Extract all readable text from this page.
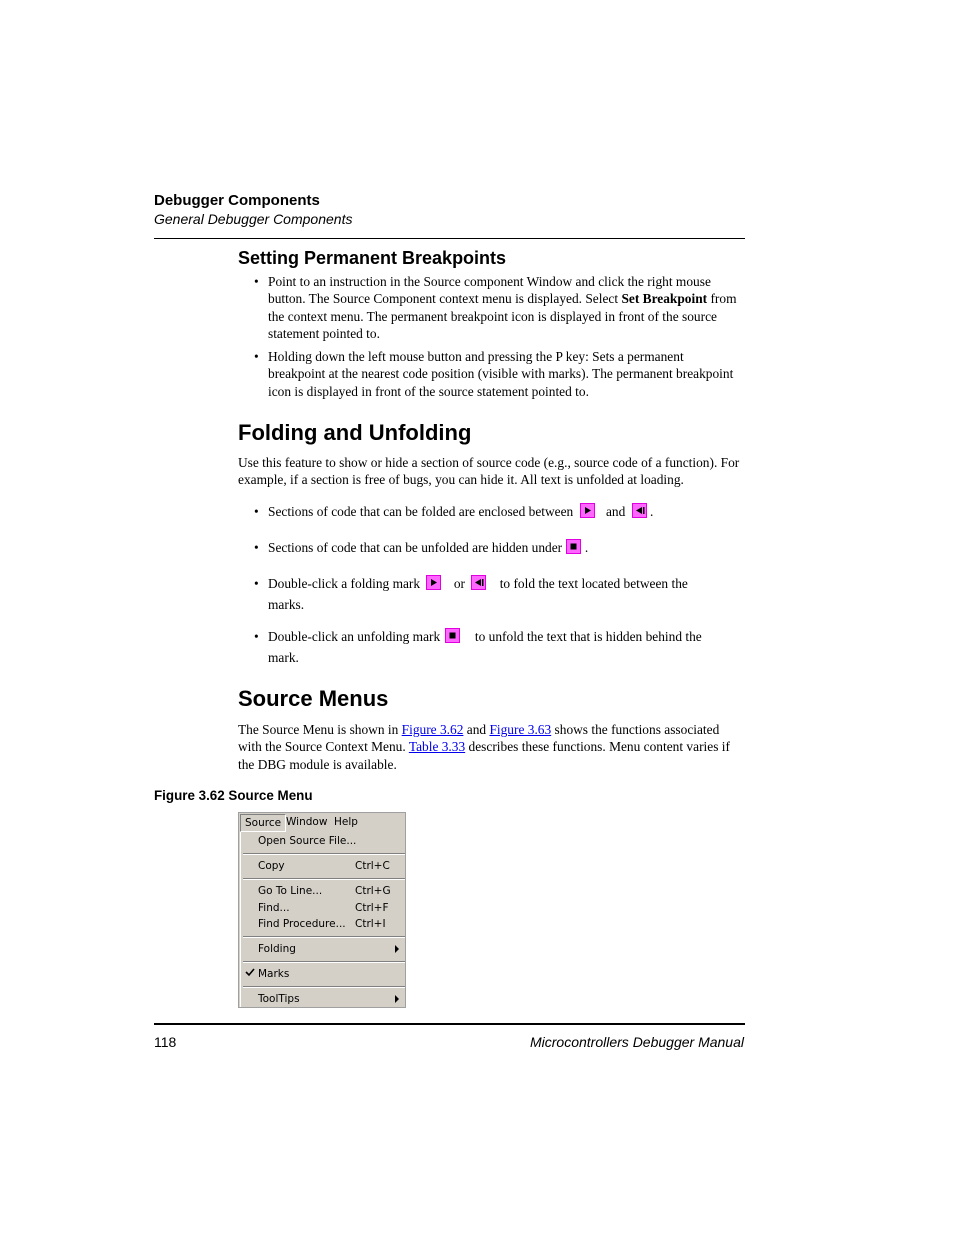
Debugger Components
General Debugger Components
Setting Permanent Breakpoints
• Point to an instruction in the Source component Window and click the right mouse button. The Source Component context menu is displayed. Select Set Breakpoint from the context menu. The permanent breakpoint icon is displayed in front of the source statement pointed to.
• Holding down the left mouse button and pressing the P key: Sets a permanent breakpoint at the nearest code position (visible with marks). The permanent breakpoint icon is displayed in front of the source statement pointed to.
Folding and Unfolding
Use this feature to show or hide a section of source code (e.g., source code of a function). For example, if a section is free of bugs, you can hide it. All text is unfolded at loading.
• Sections of code that can be folded are enclosed between and .
• Sections of code that can be unfolded are hidden under .
• Double-click a folding mark	or	to fold the text located between the
marks.
• Double-click an unfolding mark	to unfold the text that is hidden behind the
mark.
Source Menus
The Source Menu is shown in Figure 3.62 and Figure 3.63 shows the functions associated with the Source Context Menu. Table 3.33 describes these functions. Menu content varies if the DBG module is available.
Figure 3.62 Source Menu
Source Window Help
Open Source File...
Copy	Ctrl+C
Go To Line...	Ctrl+G
Find...	Ctrl+F
Find Procedure... Ctrl+I
Folding
Marks
ToolTips
118	Microcontrollers Debugger Manual
